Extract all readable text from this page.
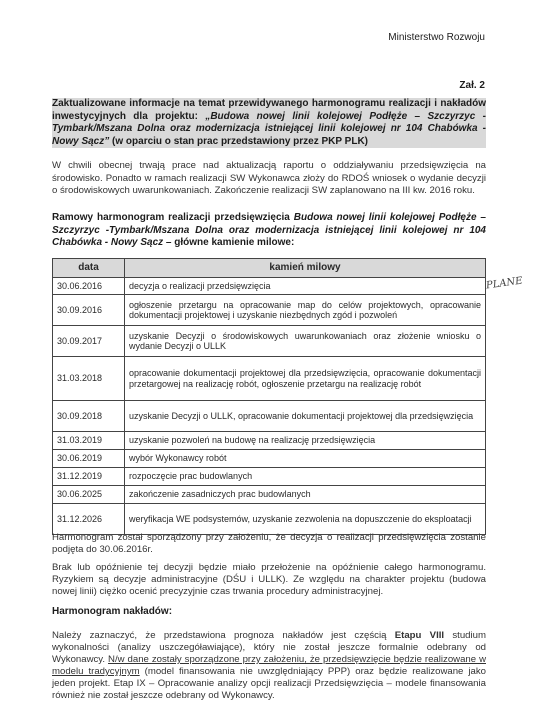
Ministerstwo Rozwoju
Zał. 2
Zaktualizowane informacje na temat przewidywanego harmonogramu realizacji i nakładów inwestycyjnych dla projektu: „Budowa nowej linii kolejowej Podłęże – Szczyrzyc - Tymbark/Mszana Dolna oraz modernizacja istniejącej linii kolejowej nr 104 Chabówka - Nowy Sącz” (w oparciu o stan prac przedstawiony przez PKP PLK)
W chwili obecnej trwają prace nad aktualizacją raportu o oddziaływaniu przedsięwzięcia na środowisko. Ponadto w ramach realizacji SW Wykonawca złoży do RDOŚ wniosek o wydanie decyzji o środowiskowych uwarunkowaniach. Zakończenie realizacji SW zaplanowano na III kw. 2016 roku.
Ramowy harmonogram realizacji przedsięwzięcia Budowa nowej linii kolejowej Podłęże – Szczyrzyc -Tymbark/Mszana Dolna oraz modernizacja istniejącej linii kolejowej nr 104 Chabówka - Nowy Sącz – główne kamienie milowe:
data	kamień milowy
30.06.2016	decyzja o realizacji przedsięwzięcia
30.09.2016	ogłoszenie przetargu na opracowanie map do celów projektowych, opracowanie dokumentacji projektowej i uzyskanie niezbędnych zgód i pozwoleń
30.09.2017	uzyskanie Decyzji o środowiskowych uwarunkowaniach oraz złożenie wniosku o wydanie Decyzji o ULLK
31.03.2018	opracowanie dokumentacji projektowej dla przedsięwzięcia, opracowanie dokumentacji przetargowej na realizację robót, ogłoszenie przetargu na realizację robót
30.09.2018	uzyskanie Decyzji o ULLK, opracowanie dokumentacji projektowej dla przedsięwzięcia
31.03.2019	uzyskanie pozwoleń na budowę na realizację przedsięwzięcia
30.06.2019	wybór Wykonawcy robót
31.12.2019	rozpoczęcie prac budowlanych
30.06.2025	zakończenie zasadniczych prac budowlanych
31.12.2026	weryfikacja WE podsystemów, uzyskanie zezwolenia na dopuszczenie do eksploatacji
PLANE
Harmonogram został sporządzony przy założeniu, że decyzja o realizacji przedsięwzięcia zostanie podjęta do 30.06.2016r.
Brak lub opóźnienie tej decyzji będzie miało przełożenie na opóźnienie całego harmonogramu. Ryzykiem są decyzje administracyjne (DŚU i ULLK). Ze względu na charakter projektu (budowa nowej linii) ciężko ocenić precyzyjnie czas trwania procedury administracyjnej.
Harmonogram nakładów:
Należy zaznaczyć, że przedstawiona prognoza nakładów jest częścią Etapu VIII studium wykonalności (analizy uszczegóławiające), który nie został jeszcze formalnie odebrany od Wykonawcy. N/w dane zostały sporządzone przy założeniu, że przedsięwzięcie będzie realizowane w modelu tradycyjnym (model finansowania nie uwzględniający PPP) oraz będzie realizowane jako jeden projekt. Etap IX – Opracowanie analizy opcji realizacji Przedsięwzięcia – modele finansowania również nie został jeszcze odebrany od Wykonawcy.
